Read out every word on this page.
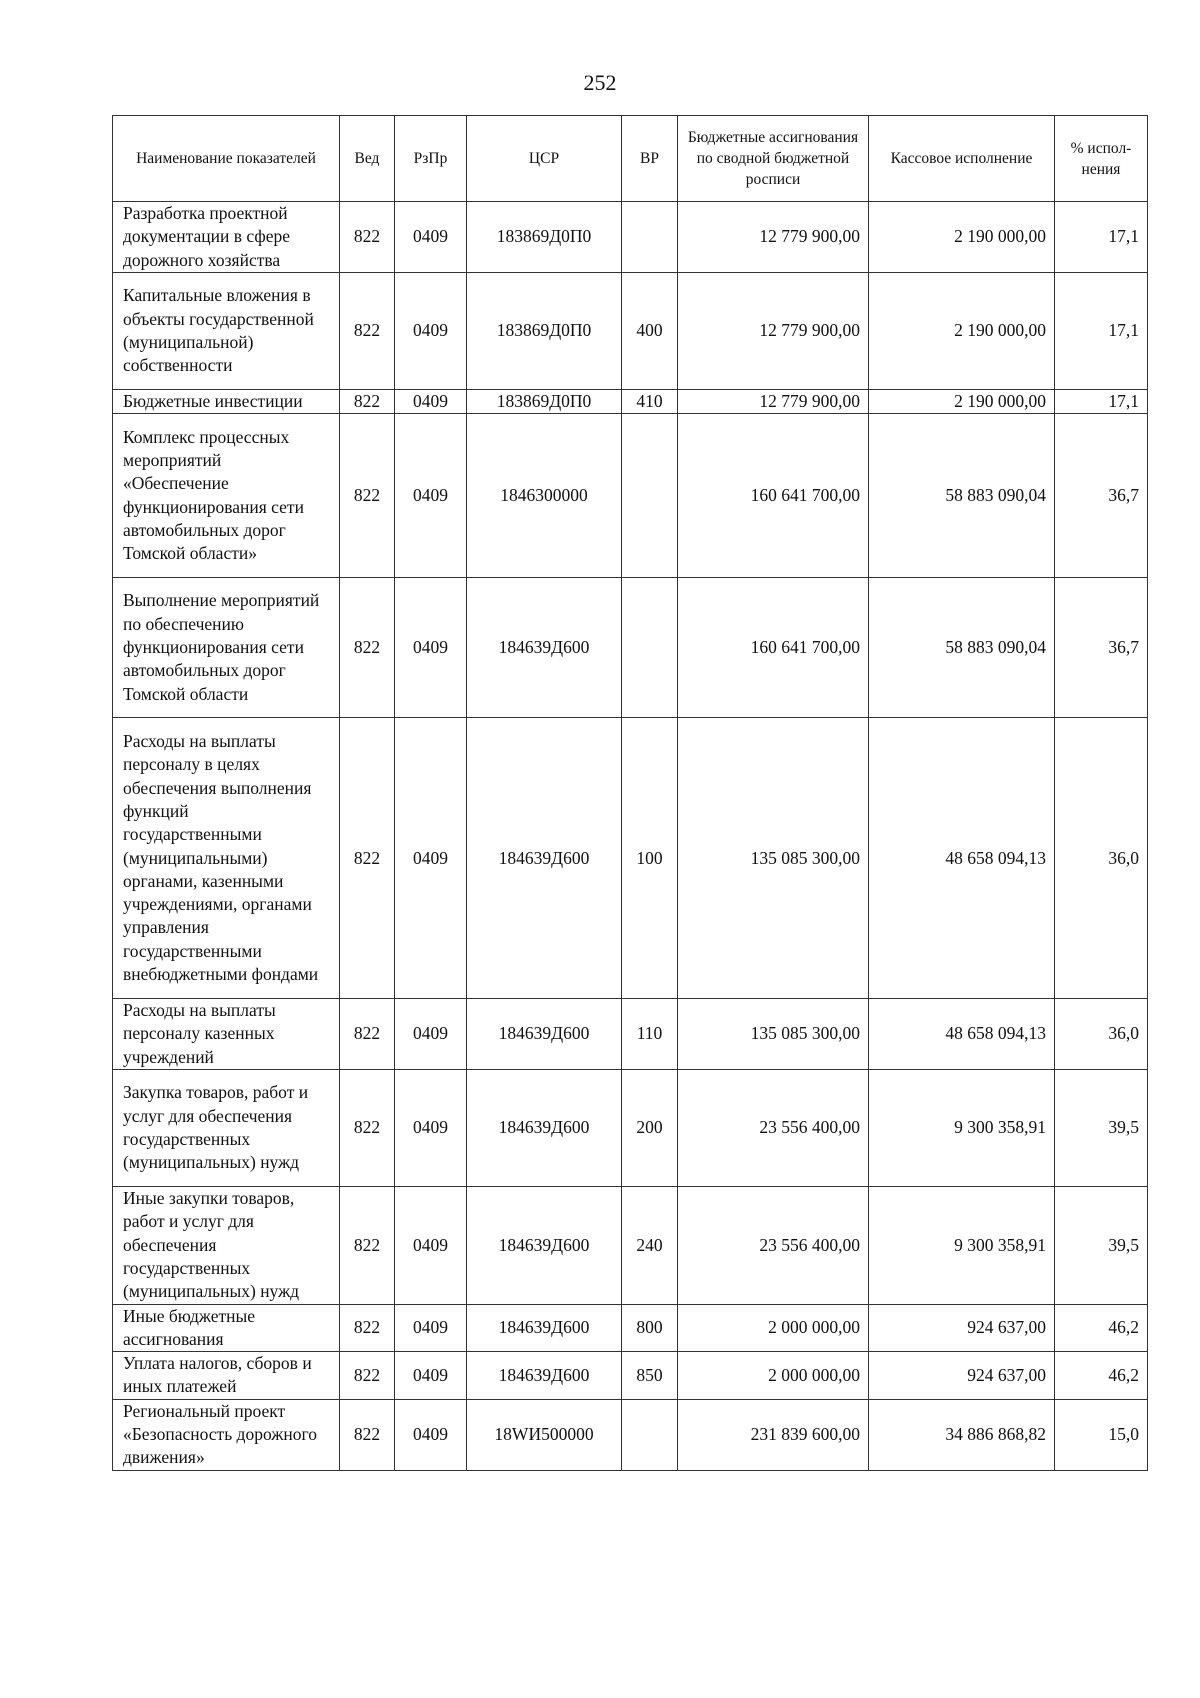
252
Наименование показателей	Вед	РзПр	ЦСР	ВР	Бюджетные ассигнования по сводной бюджетной росписи	Кассовое исполнение	% испол-нения
Разработка проектной документации в сфере дорожного хозяйства	822	0409	183869Д0П0		12 779 900,00	2 190 000,00	17,1
Капитальные вложения в объекты государственной (муниципальной) собственности	822	0409	183869Д0П0	400	12 779 900,00	2 190 000,00	17,1
Бюджетные инвестиции	822	0409	183869Д0П0	410	12 779 900,00	2 190 000,00	17,1
Комплекс процессных мероприятий «Обеспечение функционирования сети автомобильных дорог Томской области»	822	0409	1846300000		160 641 700,00	58 883 090,04	36,7
Выполнение мероприятий по обеспечению функционирования сети автомобильных дорог Томской области	822	0409	184639Д600		160 641 700,00	58 883 090,04	36,7
Расходы на выплаты персоналу в целях обеспечения выполнения функций государственными (муниципальными) органами, казенными учреждениями, органами управления государственными внебюджетными фондами	822	0409	184639Д600	100	135 085 300,00	48 658 094,13	36,0
Расходы на выплаты персоналу казенных учреждений	822	0409	184639Д600	110	135 085 300,00	48 658 094,13	36,0
Закупка товаров, работ и услуг для обеспечения государственных (муниципальных) нужд	822	0409	184639Д600	200	23 556 400,00	9 300 358,91	39,5
Иные закупки товаров, работ и услуг для обеспечения государственных (муниципальных) нужд	822	0409	184639Д600	240	23 556 400,00	9 300 358,91	39,5
Иные бюджетные ассигнования	822	0409	184639Д600	800	2 000 000,00	924 637,00	46,2
Уплата налогов, сборов и иных платежей	822	0409	184639Д600	850	2 000 000,00	924 637,00	46,2
Региональный проект «Безопасность дорожного движения»	822	0409	18WИ500000		231 839 600,00	34 886 868,82	15,0
